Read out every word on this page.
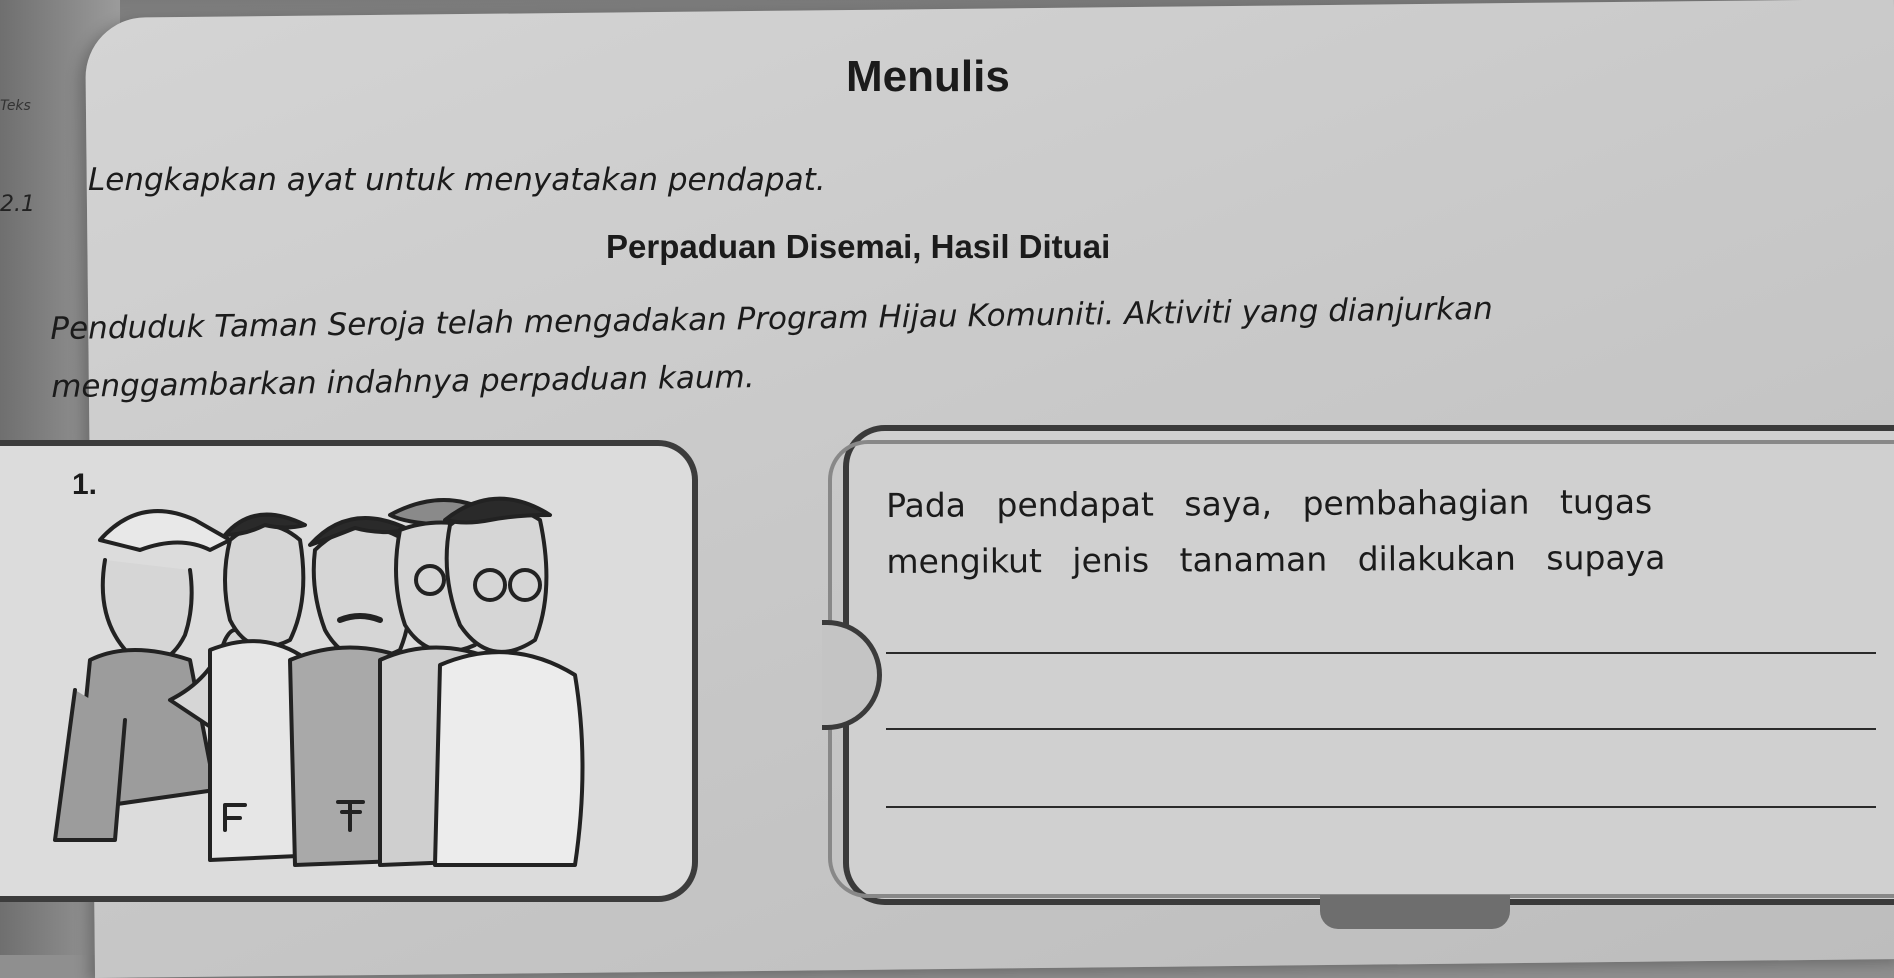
Teks
2.1
Menulis
Lengkapkan ayat untuk menyatakan pendapat.
Perpaduan Disemai, Hasil Dituai
Penduduk Taman Seroja telah mengadakan Program Hijau Komuniti. Aktiviti yang dianjurkan
menggambarkan indahnya perpaduan kaum.
1.	Pada pendapat saya, pembahagian tugas
mengikut jenis tanaman dilakukan supaya
